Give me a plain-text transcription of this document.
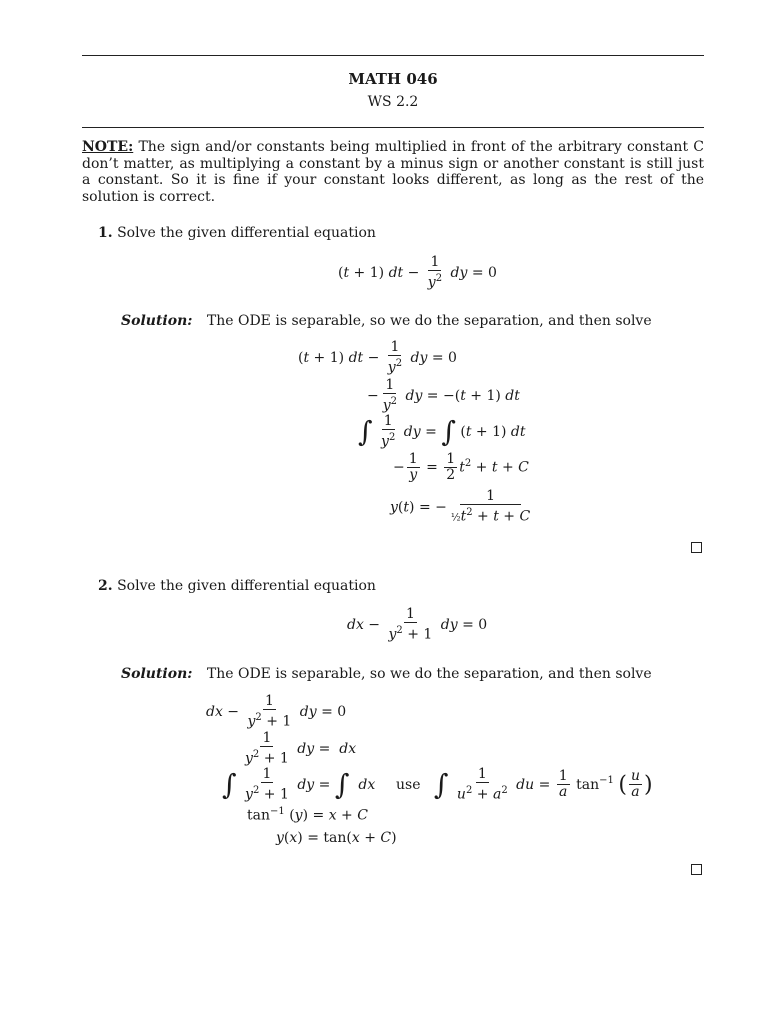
MATH 046
WS 2.2
NOTE: The sign and/or constants being multiplied in front of the arbitrary constant C don’t matter, as multiplying a constant by a minus sign or another constant is still just a constant. So it is fine if your constant looks different, as long as the rest of the solution is correct.
1. Solve the given differential equation
(t + 1) dt − $\frac{1}{y^2}$ dy = 0
Solution: The ODE is separable, so we do the separation, and then solve
(t + 1) dt − $\frac{1}{y^2}$ dy = 0
− $\frac{1}{y^2}$ dy = −(t + 1) dt
∫ $\frac{1}{y^2}$ dy = ∫ (t + 1) dt
− $\frac{1}{y} = \frac{1}{2} t^2 + t + C$
y(t) = − $\frac{1}{\frac{1}{2}t^2 + t + C}$
2. Solve the given differential equation
dx − $\frac{1}{y^2 + 1}$ dy = 0
Solution: The ODE is separable, so we do the separation, and then solve
dx − $\frac{1}{y^2 + 1}$ dy = 0
$\frac{1}{y^2 + 1}$ dy =  dx
∫ $\frac{1}{y^2 + 1}$ dy = ∫ dx use ∫ $\frac{1}{u^2 + a^2}$ du = $\frac{1}{a} \tan^{-1}$ ( $\frac{u}{a}$ )
$\tan^{-1} (y) = x + C$
y(x) = tan(x + C)
